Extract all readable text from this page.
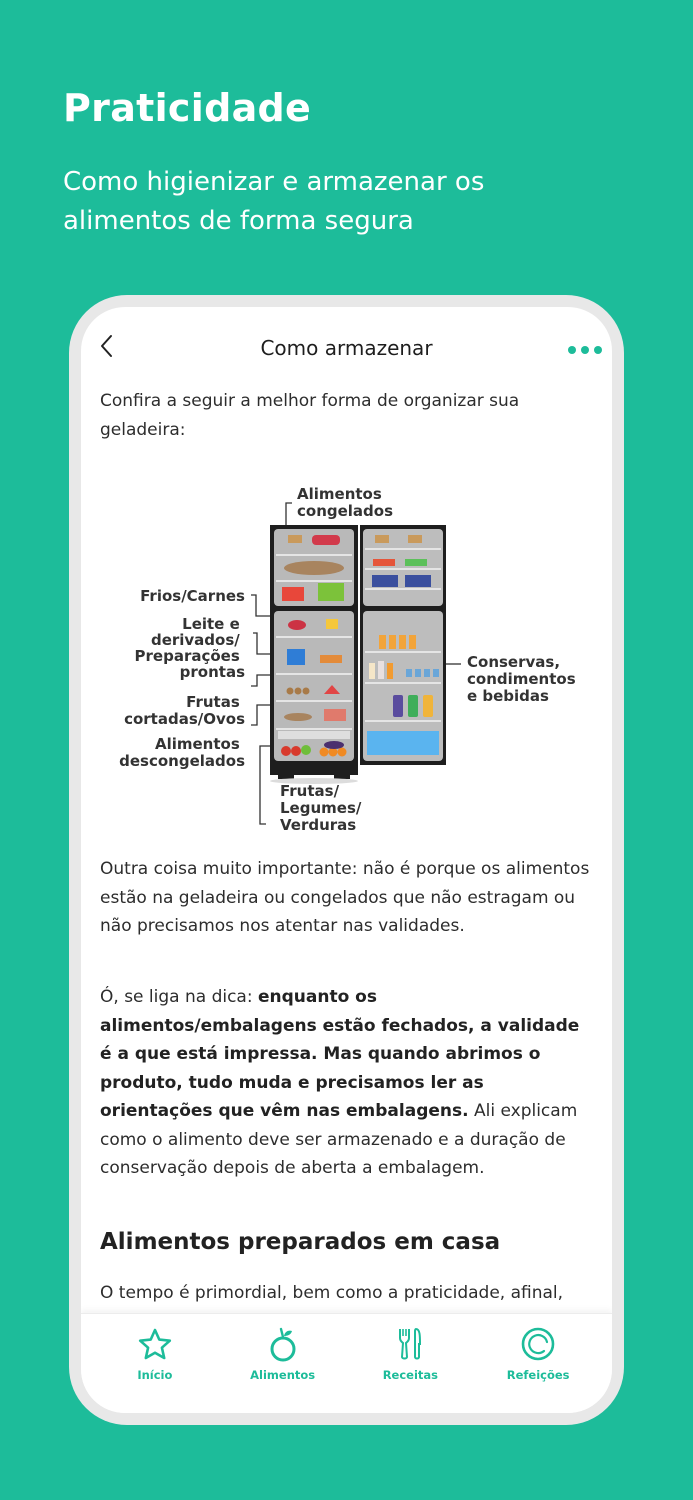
Praticidade
Como higienizar e armazenar os alimentos de forma segura
Como armazenar

Confira a seguir a melhor forma de organizar sua geladeira:

Alimentos congelados
Frios/Carnes
Leite e derivados/ Preparações prontas
Frutas cortadas/Ovos
Alimentos descongelados
Frutas/ Legumes/ Verduras
Conservas, condimentos e bebidas

Outra coisa muito importante: não é porque os alimentos estão na geladeira ou congelados que não estragam ou não precisamos nos atentar nas validades.

Ó, se liga na dica: enquanto os alimentos/embalagens estão fechados, a validade é a que está impressa. Mas quando abrimos o produto, tudo muda e precisamos ler as orientações que vêm nas embalagens. Ali explicam como o alimento deve ser armazenado e a duração de conservação depois de aberta a embalagem.

Alimentos preparados em casa

O tempo é primordial, bem como a praticidade, afinal,

Início	Alimentos	Receitas	Refeições
